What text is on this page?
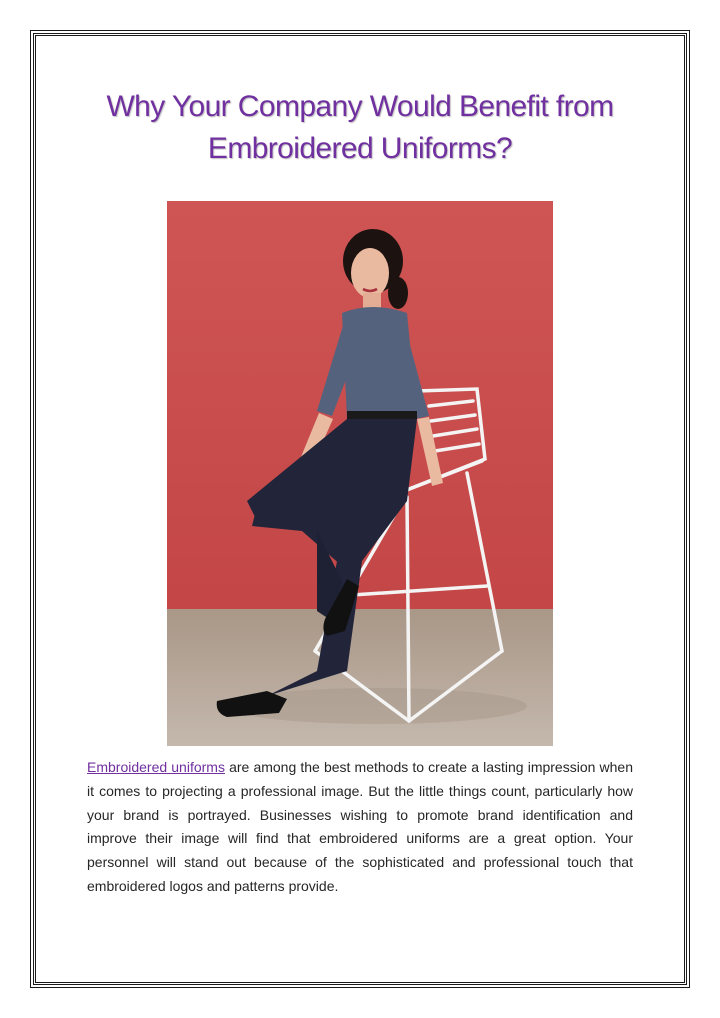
Why Your Company Would Benefit from
Embroidered Uniforms?

Embroidered uniforms are among the best methods to create a lasting impression when it comes to projecting a professional image. But the little things count, particularly how your brand is portrayed. Businesses wishing to promote brand identification and improve their image will find that embroidered uniforms are a great option. Your personnel will stand out because of the sophisticated and professional touch that embroidered logos and patterns provide.
